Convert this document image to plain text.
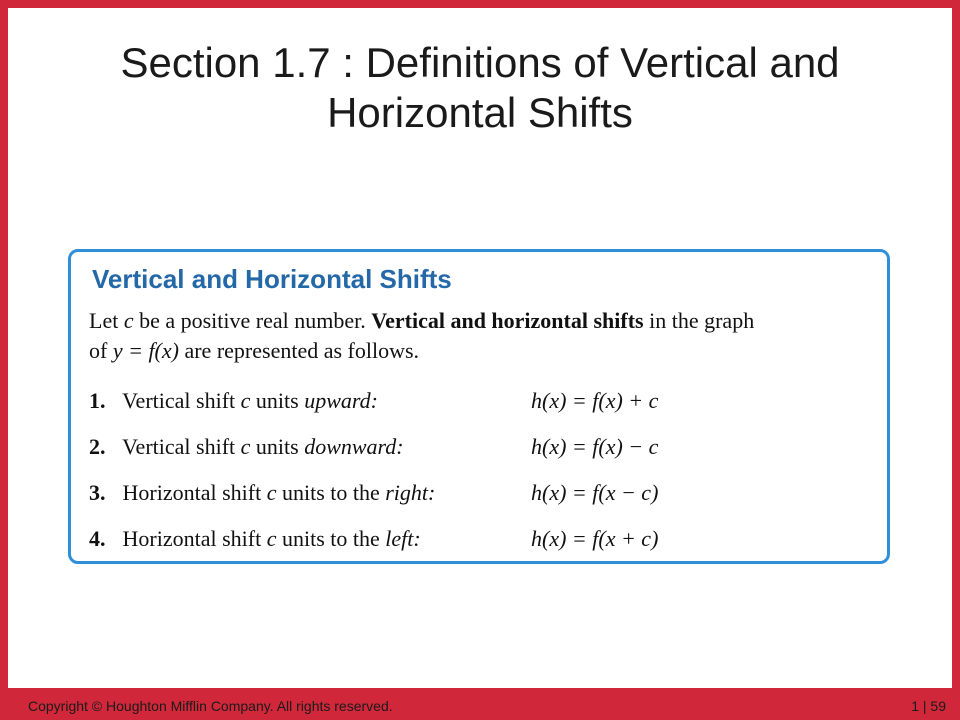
Section 1.7 : Definitions of Vertical and
Horizontal Shifts
Vertical and Horizontal Shifts
Let c be a positive real number. Vertical and horizontal shifts in the graph
of y = f(x) are represented as follows.
1. Vertical shift c units upward:	h(x) = f(x) + c
2. Vertical shift c units downward:	h(x) = f(x) − c
3. Horizontal shift c units to the right:	h(x) = f(x − c)
4. Horizontal shift c units to the left:	h(x) = f(x + c)
Copyright © Houghton Mifflin Company. All rights reserved.	1 | 59
